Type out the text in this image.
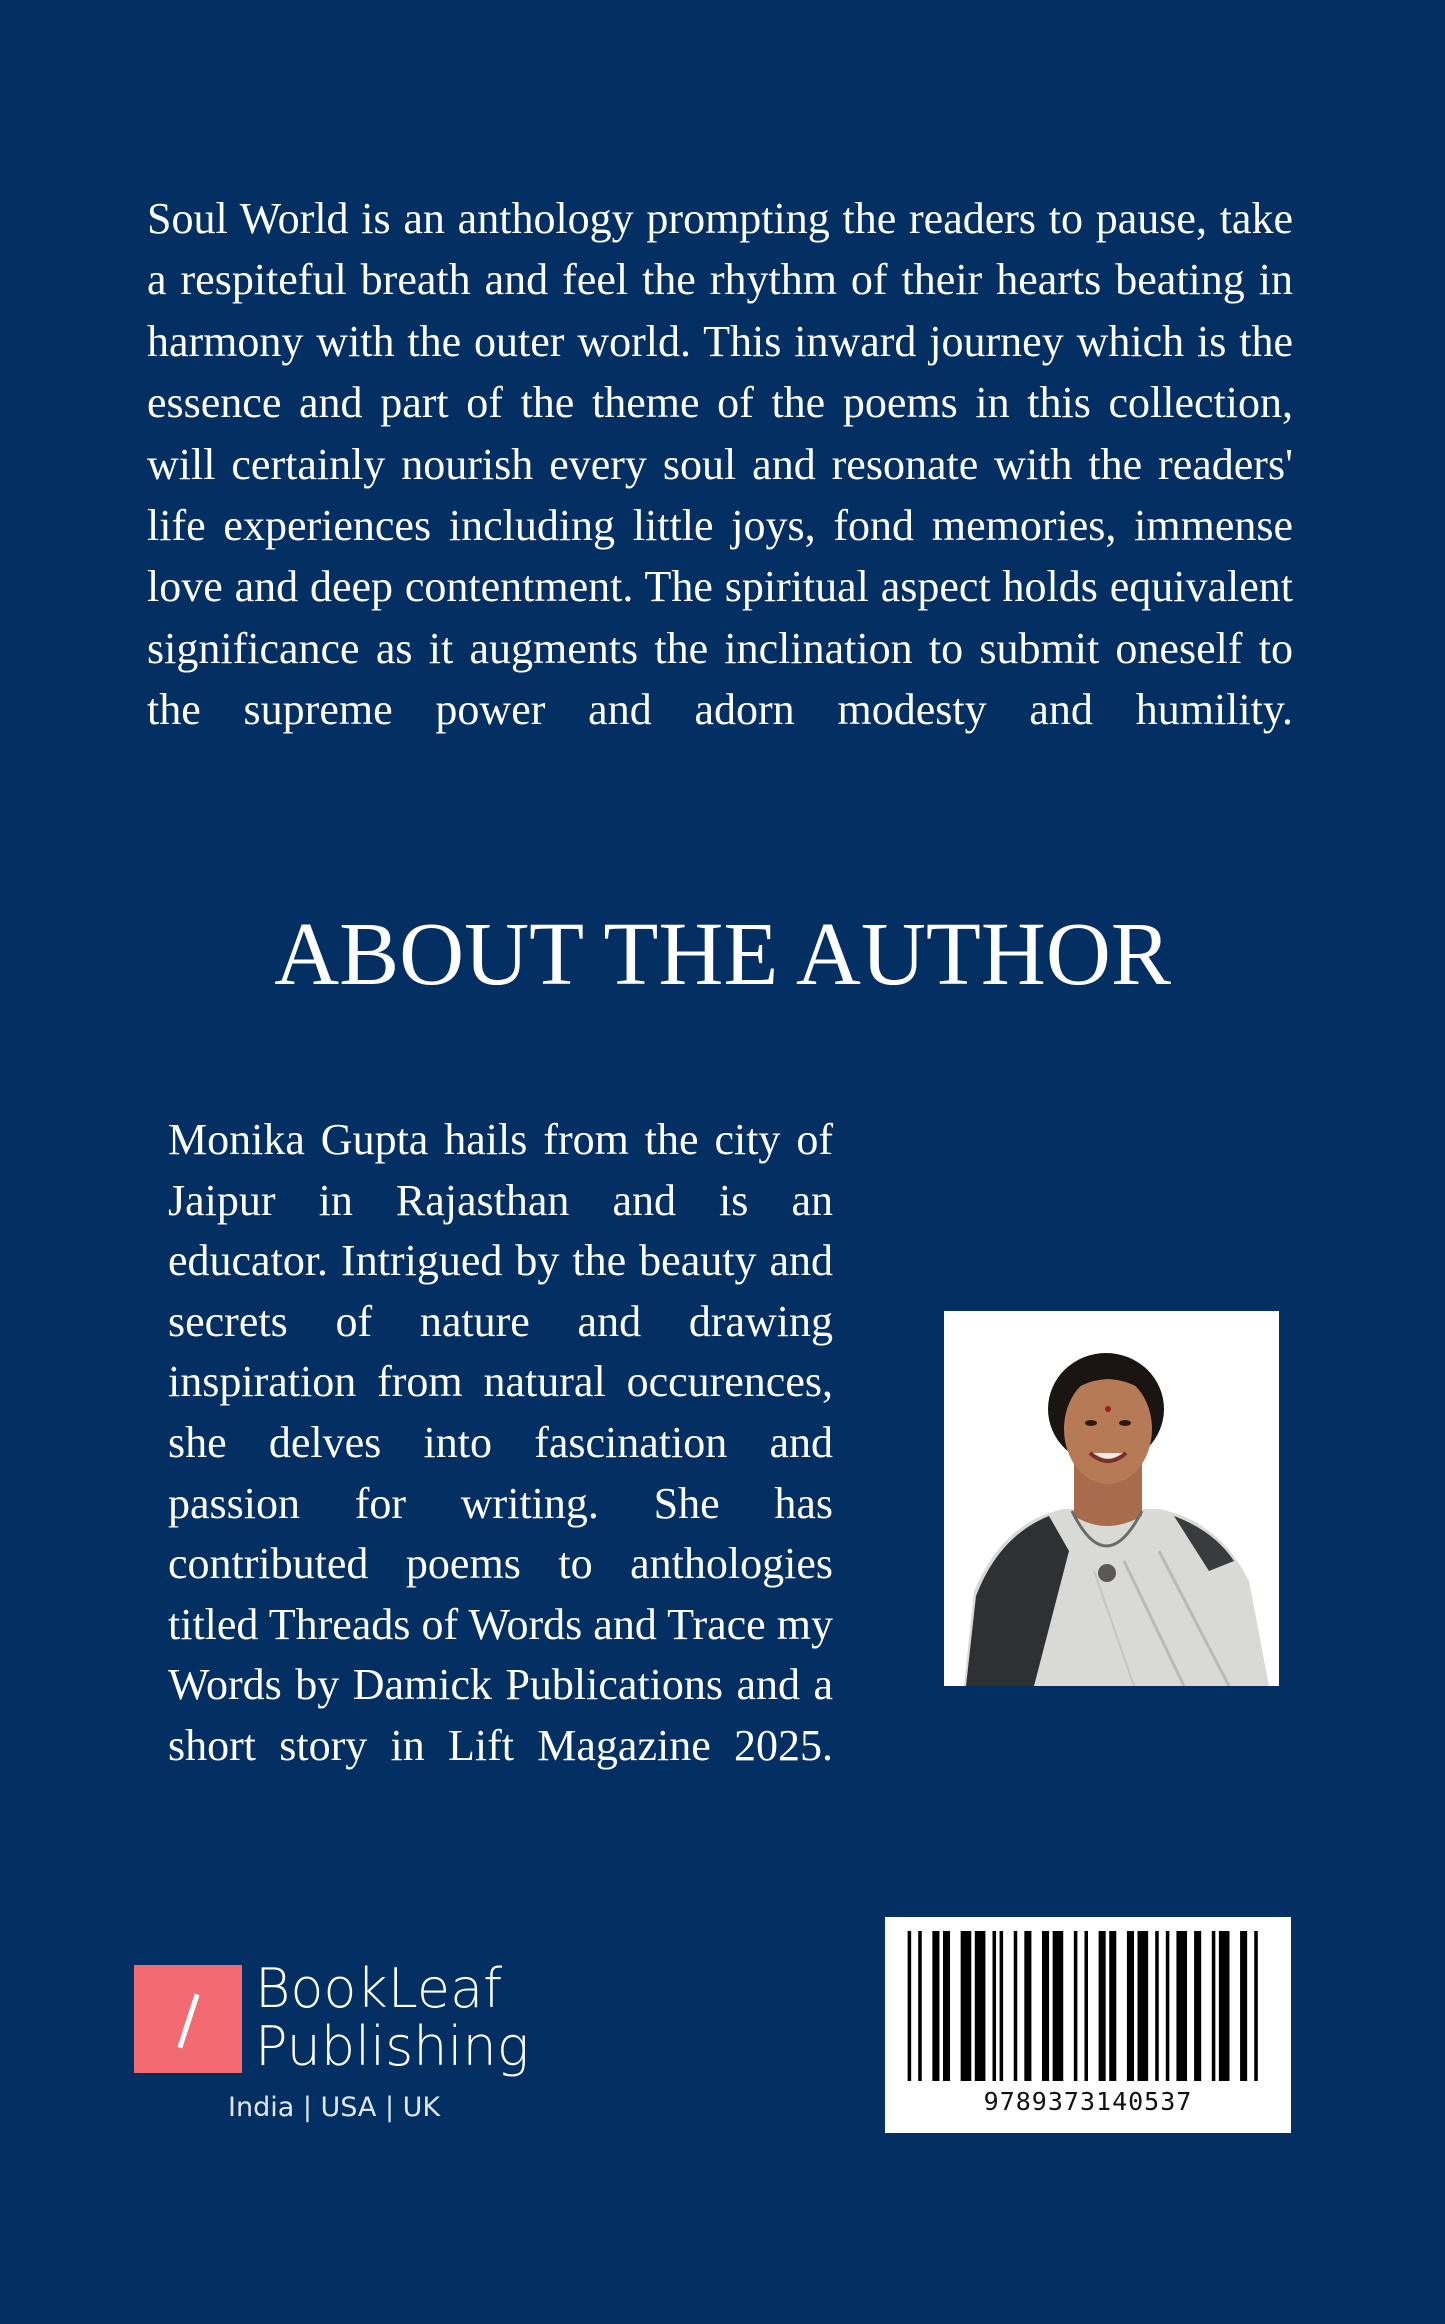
Soul World is an anthology prompting the readers to pause, take a respiteful breath and feel the rhythm of their hearts beating in harmony with the outer world. This inward journey which is the essence and part of the theme of the poems in this collection, will certainly nourish every soul and resonate with the readers' life experiences including little joys, fond memories, immense love and deep contentment. The spiritual aspect holds equivalent significance as it augments the inclination to submit oneself to the supreme power and adorn modesty and humility.

ABOUT THE AUTHOR

Monika Gupta hails from the city of Jaipur in Rajasthan and is an educator. Intrigued by the beauty and secrets of nature and drawing inspiration from natural occurences, she delves into fascination and passion for writing. She has contributed poems to anthologies titled Threads of Words and Trace my Words by Damick Publications and a short story in Lift Magazine 2025.

BookLeaf
Publishing
India | USA | UK	9789373140537
